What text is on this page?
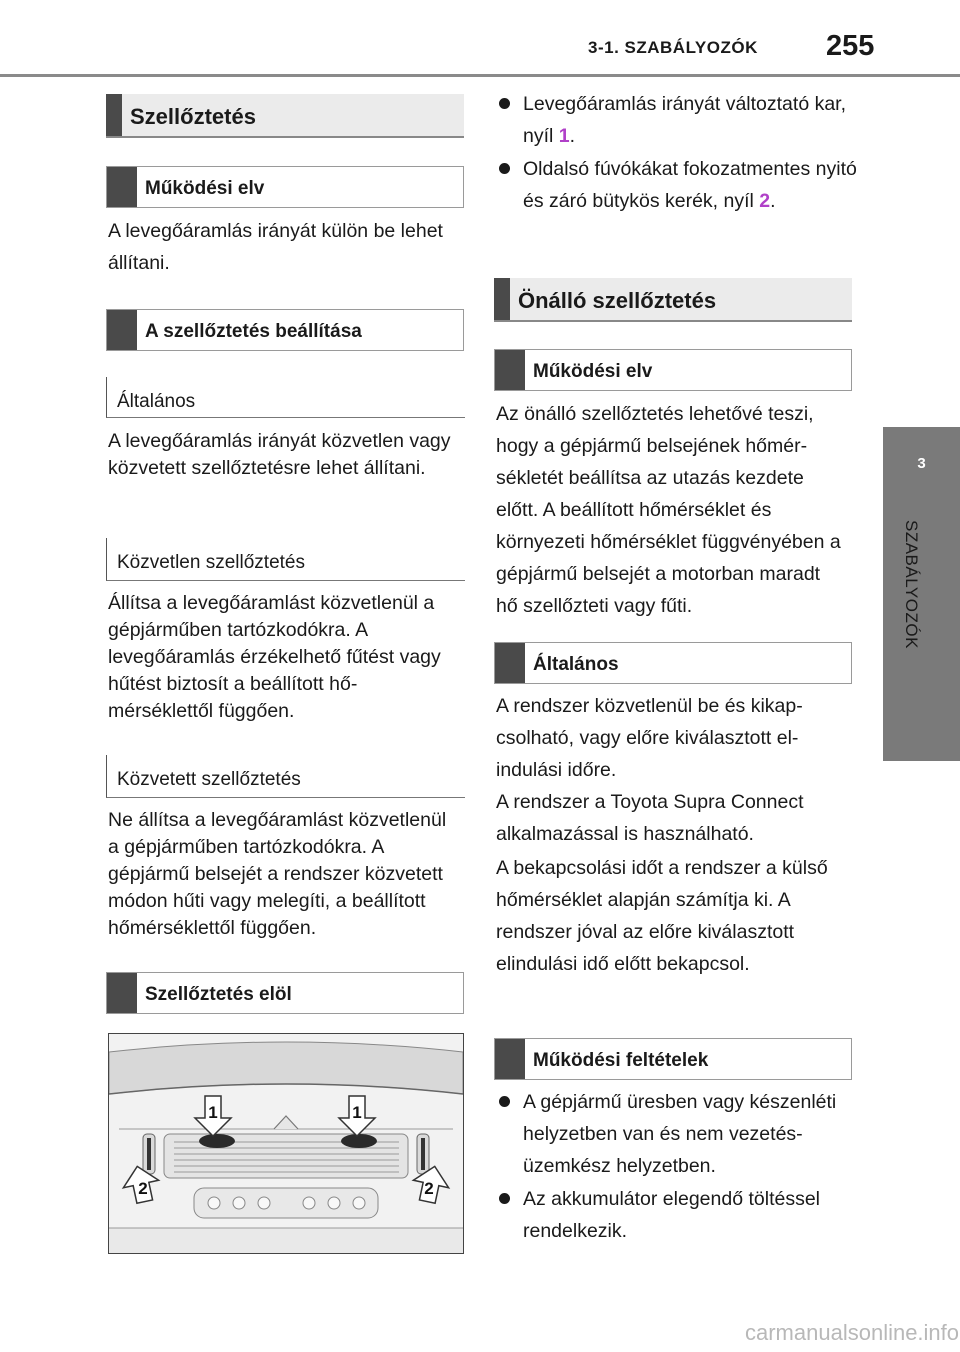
3-1. SZABÁLYOZÓK 255
3
SZABÁLYOZÓK
Szellőztetés
Működési elv
A levegőáramlás irányát külön be lehet állítani.
A szellőztetés beállítása
Általános
A levegőáramlás irányát közvetlen vagy közvetett szellőztetésre lehet állítani.
Közvetlen szellőztetés
Állítsa a levegőáramlást közvetlenül a gépjárműben tartózkodókra. A levegőáramlás érzékelhető fűtést vagy hűtést biztosít a beállított hőmérséklettől függően.
Közvetett szellőztetés
Ne állítsa a levegőáramlást közvetlenül a gépjárműben tartózkodókra. A gépjármű belsejét a rendszer közvetett módon hűti vagy melegíti, a beállított hőmérséklettől függően.
Szellőztetés elöl
1	1
2	2
Levegőáramlás irányát változtató kar, nyíl 1.
Oldalsó fúvókákat fokozatmentes nyitó és záró bütykös kerék, nyíl 2.
Önálló szellőztetés
Működési elv
Az önálló szellőztetés lehetővé teszi, hogy a gépjármű belsejének hőmérsékletét beállítsa az utazás kezdete előtt. A beállított hőmérséklet és környezeti hőmérséklet függvényében a gépjármű belsejét a motorban maradt hő szellőzteti vagy fűti.
Általános
A rendszer közvetlenül be és kikapcsolható, vagy előre kiválasztott elindulási időre.
A rendszer a Toyota Supra Connect alkalmazással is használható.
A bekapcsolási időt a rendszer a külső hőmérséklet alapján számítja ki. A rendszer jóval az előre kiválasztott elindulási idő előtt bekapcsol.
Működési feltételek
A gépjármű üresben vagy készenléti helyzetben van és nem vezetés-üzemkész helyzetben.
Az akkumulátor elegendő töltéssel rendelkezik.
carmanualsonline.info
